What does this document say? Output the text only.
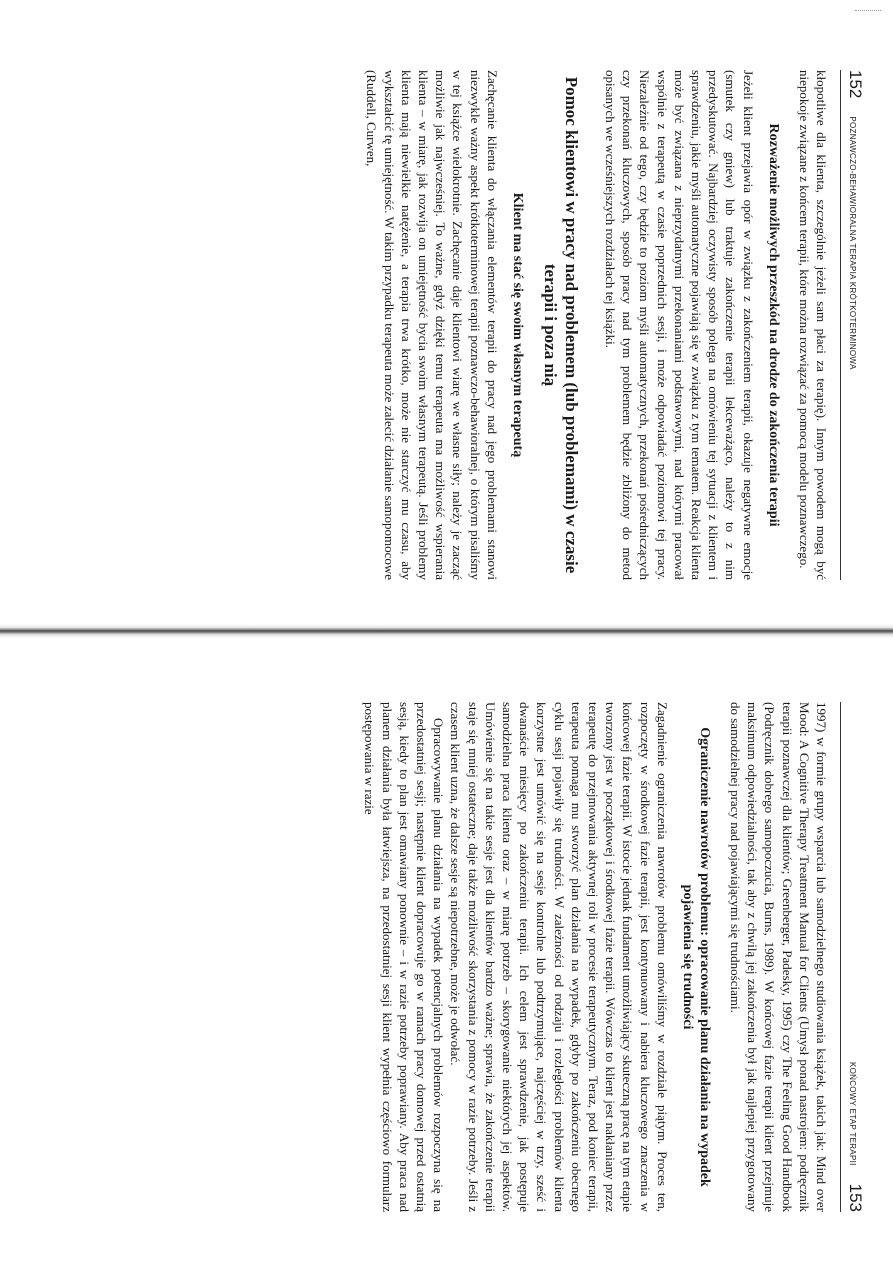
152
POZNAWCZO-BEHAWIORALNA TERAPIA KRÓTKOTERMINOWA

kłopotliwe dla klienta, szczególnie jeżeli sam płaci za terapię). Innym powodem mogą być niepokoje związane z końcem terapii, które można rozwiązać za pomocą modelu poznawczego.

Rozważenie możliwych przeszkód na drodze do zakończenia terapii

Jeżeli klient przejawia opór w związku z zakończeniem terapii, okazuje negatywne emocje (smutek czy gniew) lub traktuje zakończenie terapii lekceważąco, należy to z nim przedyskutować. Najbardziej oczywisty sposób polega na omówieniu tej sytuacji z klientem i sprawdzeniu, jakie myśli automatyczne pojawiają się w związku z tym tematem. Reakcja klienta może być związana z nieprzydatnymi przekonaniami podstawowymi, nad którymi pracował wspólnie z terapeutą w czasie poprzednich sesji, i może odpowiadać poziomowi tej pracy. Niezależnie od tego, czy będzie to poziom myśli automatycznych, przekonań pośredniczących czy przekonań kluczowych, sposób pracy nad tym problemem będzie zbliżony do metod opisanych we wcześniejszych rozdziałach tej książki.

Pomoc klientowi w pracy nad problemem (lub problemami) w czasie terapii i poza nią
Klient ma stać się swoim własnym terapeutą

Zachęcanie klienta do włączania elementów terapii do pracy nad jego problemami stanowi niezwykle ważny aspekt krótkoterminowej terapii poznawczo-behawioralnej, o którym pisaliśmy w tej książce wielokrotnie. Zachęcanie daje klientowi wiarę we własne siły; należy je zacząć możliwie jak najwcześniej. To ważne, gdyż dzięki temu terapeuta ma możliwość wspierania klienta – w miarę, jak rozwija on umiejętność bycia swoim własnym terapeutą. Jeśli problemy klienta mają niewielkie natężenie, a terapia trwa krótko, może nie starczyć mu czasu, aby wykształcić tę umiejętność. W takim przypadku terapeuta może zalecić działanie samopomocowe (Ruddell, Curwen,

KOŃCOWY ETAP TERAPII
153

1997) w formie grupy wsparcia lub samodzielnego studiowania książek, takich jak: Mind over Mood: A Cognitive Therapy Treatment Manual for Clients (Umysł ponad nastrojem: podręcznik terapii poznawczej dla klientów; Greenberger, Padesky, 1995) czy The Feeling Good Handbook (Podręcznik dobrego samopoczucia, Burns, 1989). W końcowej fazie terapii klient przejmuje maksimum odpowiedzialności, tak aby z chwilą jej zakończenia był jak najlepiej przygotowany do samodzielnej pracy nad pojawiającymi się trudnościami.

Ograniczenie nawrotów problemu: opracowanie planu działania na wypadek pojawienia się trudności

Zagadnienie ograniczenia nawrotów problemu omówiliśmy w rozdziale piątym. Proces ten, rozpoczęty w środkowej fazie terapii, jest kontynuowany i nabiera kluczowego znaczenia w końcowej fazie terapii. W istocie jednak fundament umożliwiający skuteczną pracę na tym etapie tworzony jest w początkowej i środkowej fazie terapii. Wówczas to klient jest nakłaniany przez terapeutę do przejmowania aktywnej roli w procesie terapeutycznym. Teraz, pod koniec terapii, terapeuta pomaga mu stworzyć plan działania na wypadek, gdyby po zakończeniu obecnego cyklu sesji pojawiły się trudności. W zależności od rodzaju i rozległości problemów klienta korzystne jest umówić się na sesje kontrolne lub podtrzymujące, najczęściej w trzy, sześć i dwanaście miesięcy po zakończeniu terapii. Ich celem jest sprawdzenie, jak postępuje samodzielna praca klienta oraz – w miarę potrzeb – skorygowanie niektórych jej aspektów. Umówienie się na takie sesje jest dla klientów bardzo ważne; sprawia, że zakończenie terapii staje się mniej ostateczne; daje także możliwość skorzystania z pomocy w razie potrzeby. Jeśli z czasem klient uzna, że dalsze sesje są niepotrzebne, może je odwołać.

Opracowywanie planu działania na wypadek potencjalnych problemów rozpoczyna się na przedostatniej sesji; następnie klient dopracowuje go w ramach pracy domowej przed ostatnią sesją, kiedy to plan jest omawiany ponownie – i w razie potrzeby poprawiany. Aby praca nad planem działania była łatwiejsza, na przedostatniej sesji klient wypełnia częściowo formularz postępowania w razie
